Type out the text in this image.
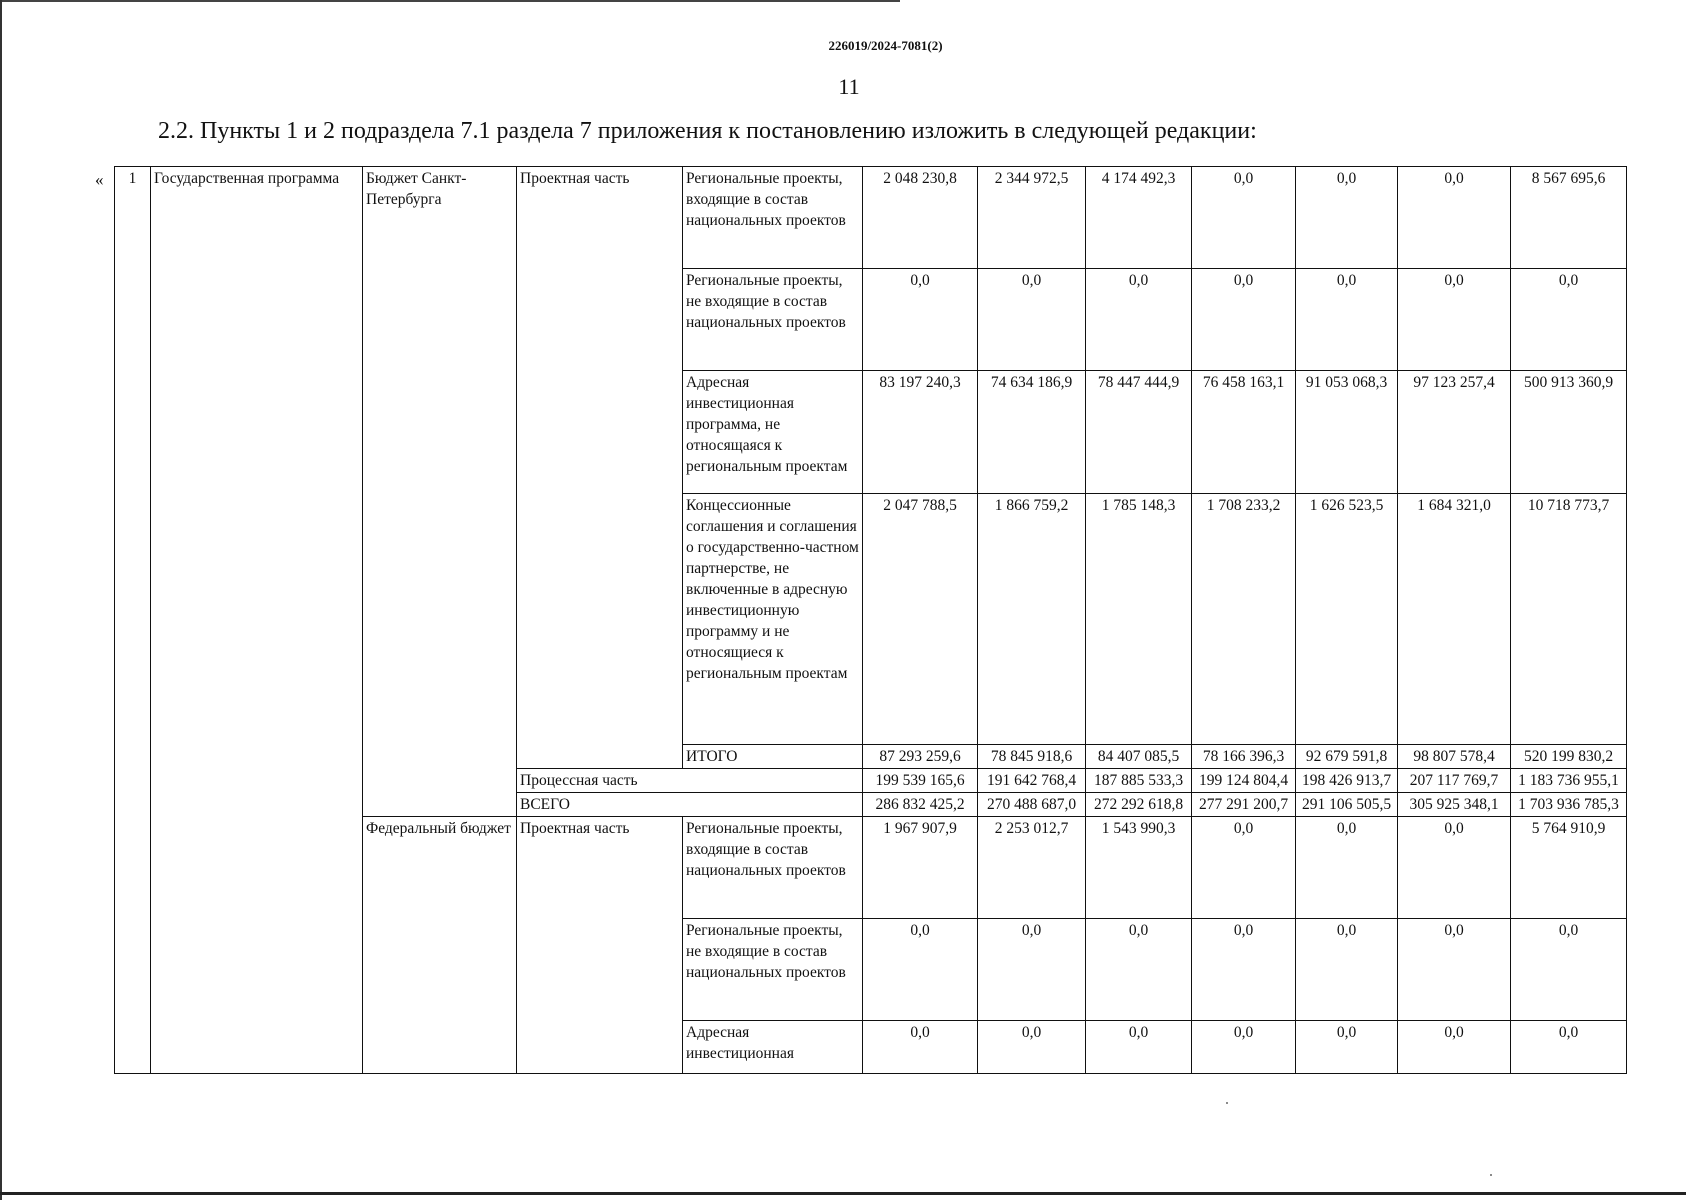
226019/2024-7081(2)
11
2.2. Пункты 1 и 2 подраздела 7.1 раздела 7 приложения к постановлению изложить в следующей редакции:
« 1	Государственная программа	Бюджет Санкт-Петербурга	Проектная часть	Региональные проекты, входящие в состав национальных проектов	2 048 230,8	2 344 972,5	4 174 492,3	0,0	0,0	0,0	8 567 695,6
				Региональные проекты, не входящие в состав национальных проектов	0,0	0,0	0,0	0,0	0,0	0,0	0,0
				Адресная инвестиционная программа, не относящаяся к региональным проектам	83 197 240,3	74 634 186,9	78 447 444,9	76 458 163,1	91 053 068,3	97 123 257,4	500 913 360,9
				Концессионные соглашения и соглашения о государственно-частном партнерстве, не включенные в адресную инвестиционную программу и не относящиеся к региональным проектам	2 047 788,5	1 866 759,2	1 785 148,3	1 708 233,2	1 626 523,5	1 684 321,0	10 718 773,7
				ИТОГО	87 293 259,6	78 845 918,6	84 407 085,5	78 166 396,3	92 679 591,8	98 807 578,4	520 199 830,2
			Процессная часть		199 539 165,6	191 642 768,4	187 885 533,3	199 124 804,4	198 426 913,7	207 117 769,7	1 183 736 955,1
			ВСЕГО		286 832 425,2	270 488 687,0	272 292 618,8	277 291 200,7	291 106 505,5	305 925 348,1	1 703 936 785,3
		Федеральный бюджет	Проектная часть	Региональные проекты, входящие в состав национальных проектов	1 967 907,9	2 253 012,7	1 543 990,3	0,0	0,0	0,0	5 764 910,9
				Региональные проекты, не входящие в состав национальных проектов	0,0	0,0	0,0	0,0	0,0	0,0	0,0
				Адресная инвестиционная	0,0	0,0	0,0	0,0	0,0	0,0	0,0
